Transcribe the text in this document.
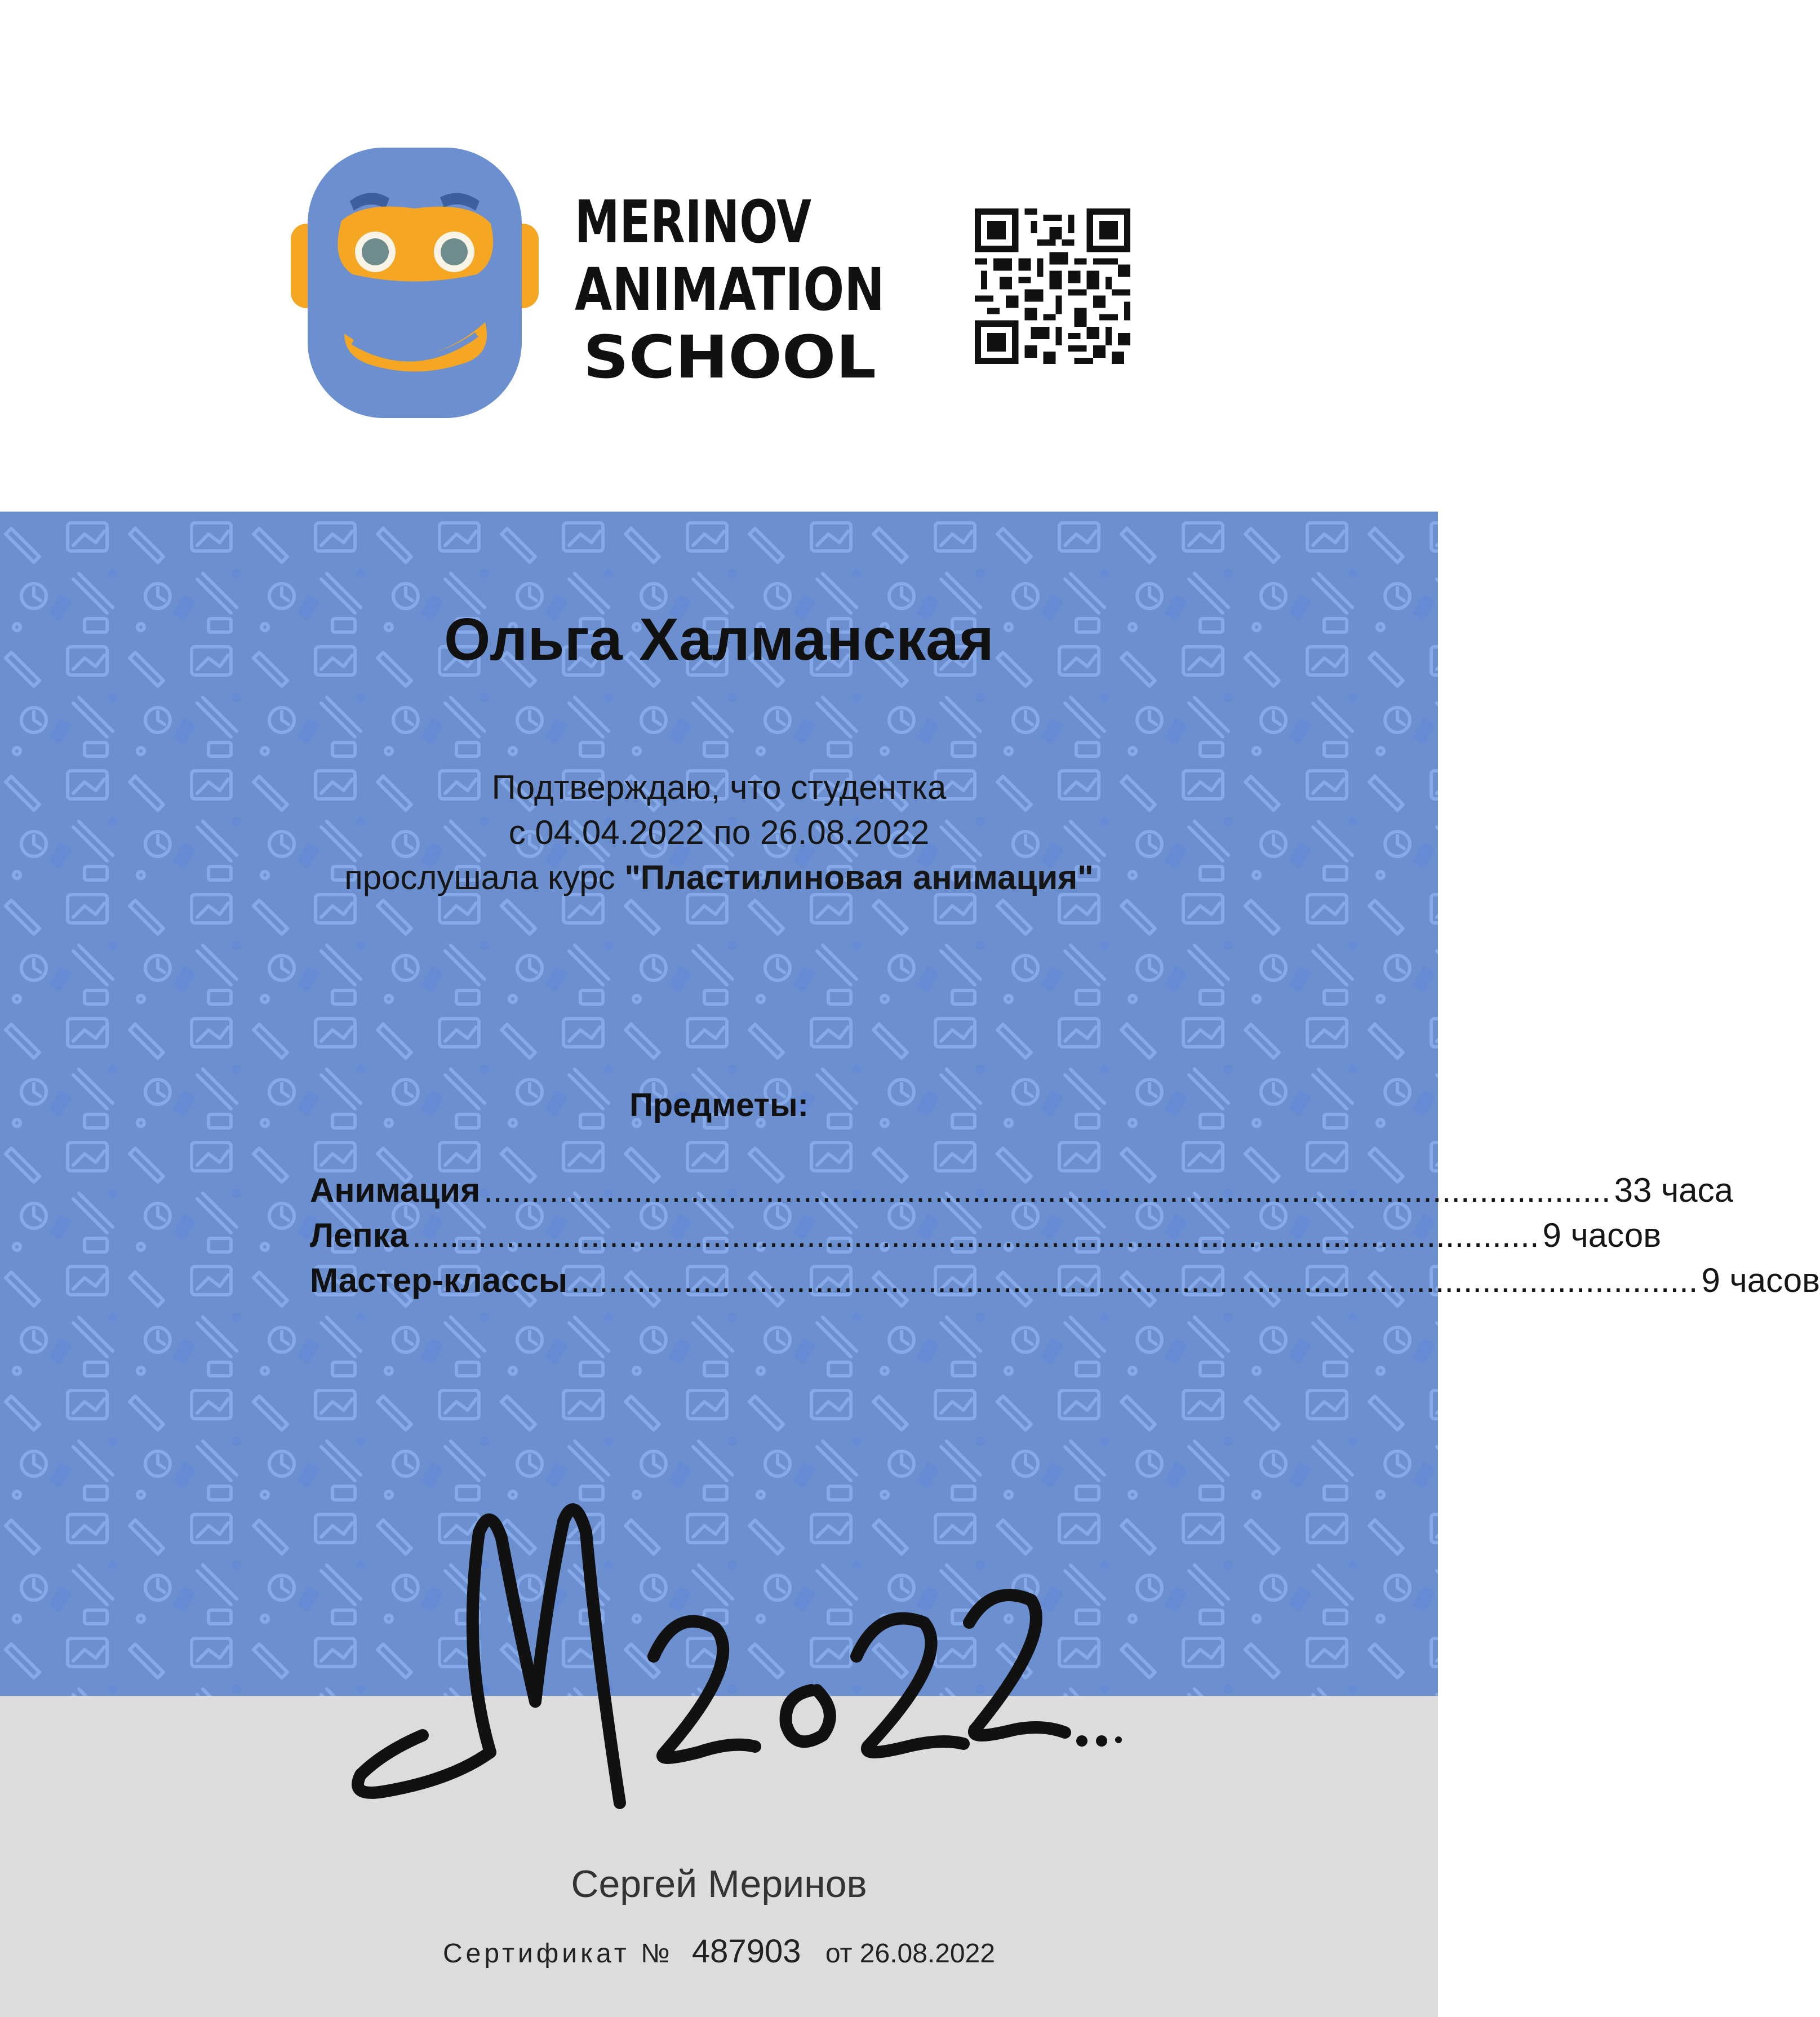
MERINOV
ANIMATION
SCHOOL
Ольга Халманская
Подтверждаю, что студентка
с 04.04.2022 по 26.08.2022
прослушала курс "Пластилиновая анимация"
Предметы:
Анимация ........................................................................................................................ 33 часа
Лепка ........................................................................................................................ 9 часов
Мастер-классы ........................................................................................................................ 9 часов
Сергей Меринов
Сертификат № 487903 от 26.08.2022
